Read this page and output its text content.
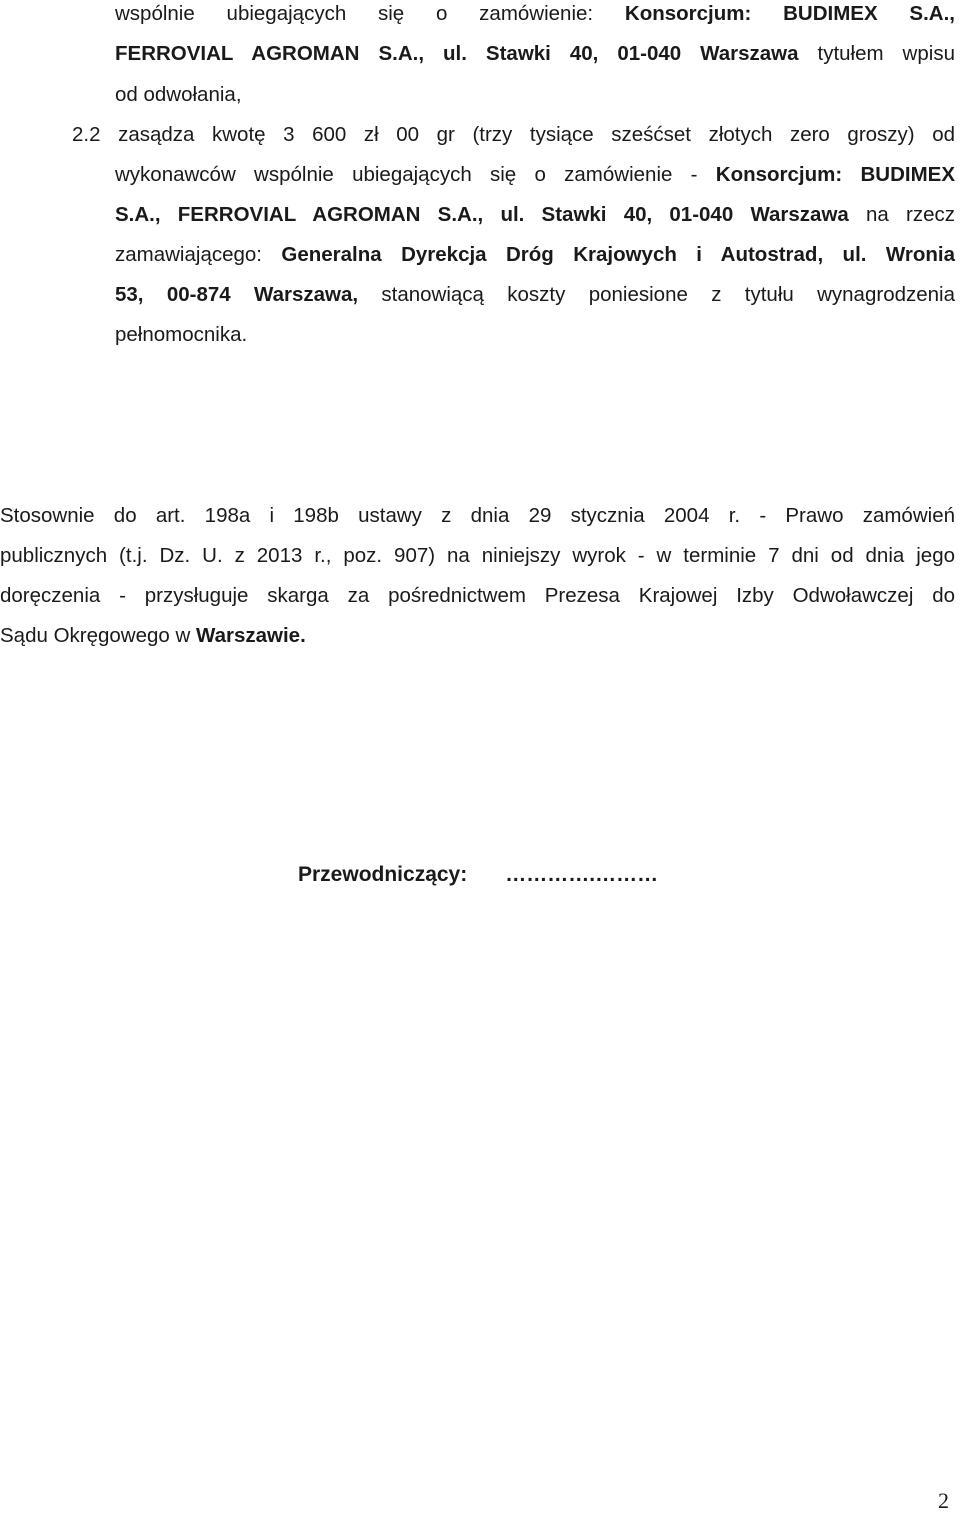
wspólnie ubiegających się o zamówienie: Konsorcjum: BUDIMEX S.A.,

FERROVIAL AGROMAN S.A., ul. Stawki 40, 01-040 Warszawa tytułem wpisu

od odwołania,

2.2 zasądza kwotę 3 600 zł 00 gr (trzy tysiące sześćset złotych zero groszy) od

wykonawców wspólnie ubiegających się o zamówienie - Konsorcjum: BUDIMEX

S.A., FERROVIAL AGROMAN S.A., ul. Stawki 40, 01-040 Warszawa na rzecz

zamawiającego: Generalna Dyrekcja Dróg Krajowych i Autostrad, ul. Wronia

53, 00-874 Warszawa, stanowiącą koszty poniesione z tytułu wynagrodzenia

pełnomocnika.

Stosownie do art. 198a i 198b ustawy z dnia 29 stycznia 2004 r. - Prawo zamówień

publicznych (t.j. Dz. U. z 2013 r., poz. 907) na niniejszy wyrok - w terminie 7 dni od dnia jego

doręczenia - przysługuje skarga za pośrednictwem Prezesa Krajowej Izby Odwoławczej do

Sądu Okręgowego w Warszawie.

Przewodniczący: ………….………
2
